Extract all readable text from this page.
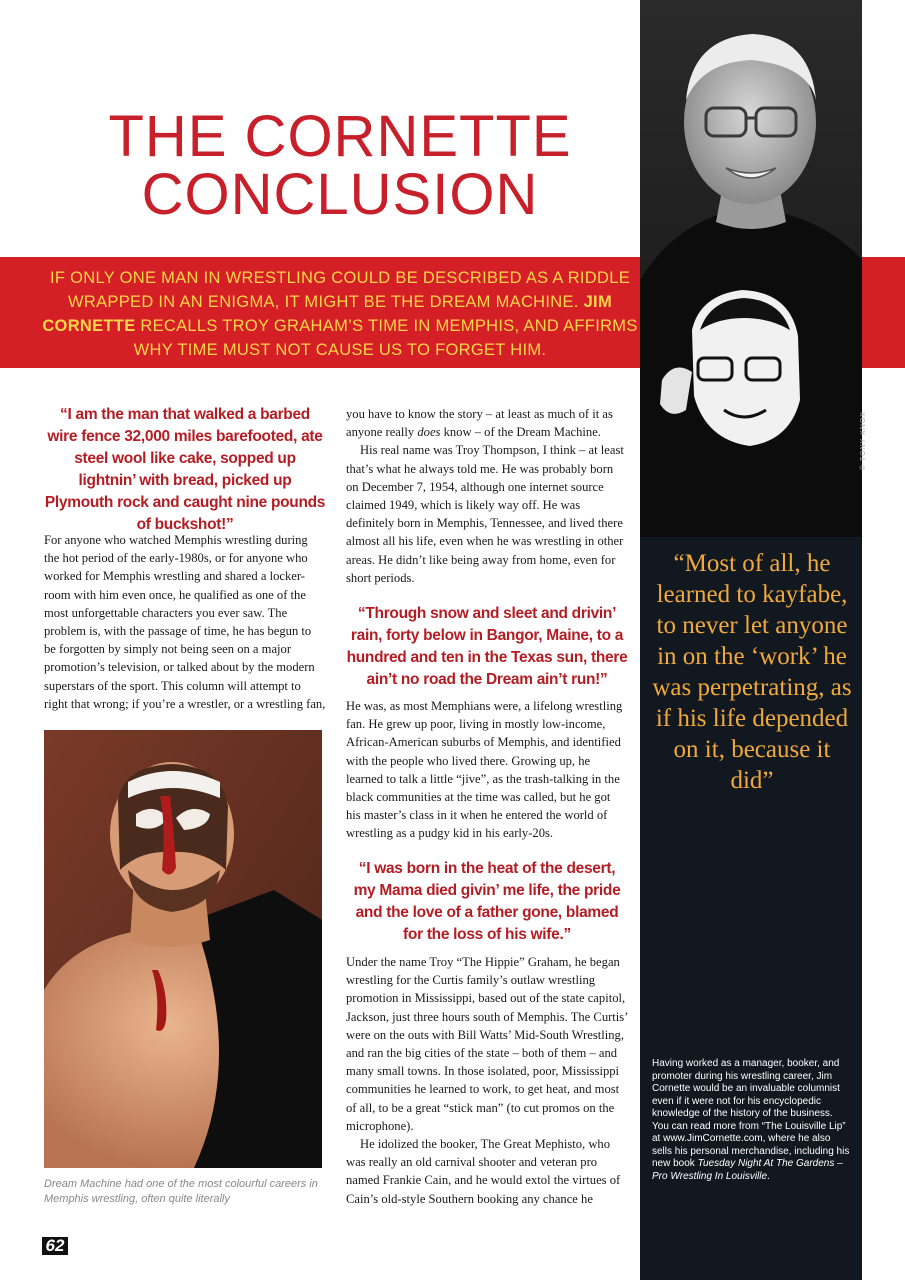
THE CORNETTE
CONCLUSION
IF ONLY ONE MAN IN WRESTLING COULD BE DESCRIBED AS A RIDDLE WRAPPED IN AN ENIGMA, IT MIGHT BE THE DREAM MACHINE. JIM CORNETTE RECALLS TROY GRAHAM’S TIME IN MEMPHIS, AND AFFIRMS WHY TIME MUST NOT CAUSE US TO FORGET HIM.
© TONY KNOX
“Most of all, he learned to kayfabe, to never let anyone in on the ‘work’ he was perpetrating, as if his life depended on it, because it did”
Having worked as a manager, booker, and promoter during his wrestling career, Jim Cornette would be an invaluable columnist even if it were not for his encyclopedic knowledge of the history of the business. You can read more from “The Louisville Lip” at www.JimCornette.com, where he also sells his personal merchandise, including his new book Tuesday Night At The Gardens – Pro Wrestling In Louisville.
“I am the man that walked a barbed wire fence 32,000 miles barefooted, ate steel wool like cake, sopped up lightnin’ with bread, picked up Plymouth rock and caught nine pounds of buckshot!”

For anyone who watched Memphis wrestling during the hot period of the early-1980s, or for anyone who worked for Memphis wrestling and shared a locker-room with him even once, he qualified as one of the most unforgettable characters you ever saw. The problem is, with the passage of time, he has begun to be forgotten by simply not being seen on a major promotion’s television, or talked about by the modern superstars of the sport. This column will attempt to right that wrong; if you’re a wrestler, or a wrestling fan,

Dream Machine had one of the most colourful careers in Memphis wrestling, often quite literally

you have to know the story – at least as much of it as anyone really does know – of the Dream Machine.

His real name was Troy Thompson, I think – at least that’s what he always told me. He was probably born on December 7, 1954, although one internet source claimed 1949, which is likely way off. He was definitely born in Memphis, Tennessee, and lived there almost all his life, even when he was wrestling in other areas. He didn’t like being away from home, even for short periods.

“Through snow and sleet and drivin’ rain, forty below in Bangor, Maine, to a hundred and ten in the Texas sun, there ain’t no road the Dream ain’t run!”

He was, as most Memphians were, a lifelong wrestling fan. He grew up poor, living in mostly low-income, African-American suburbs of Memphis, and identified with the people who lived there. Growing up, he learned to talk a little “jive”, as the trash-talking in the black communities at the time was called, but he got his master’s class in it when he entered the world of wrestling as a pudgy kid in his early-20s.

“I was born in the heat of the desert, my Mama died givin’ me life, the pride and the love of a father gone, blamed for the loss of his wife.”

Under the name Troy “The Hippie” Graham, he began wrestling for the Curtis family’s outlaw wrestling promotion in Mississippi, based out of the state capitol, Jackson, just three hours south of Memphis. The Curtis’ were on the outs with Bill Watts’ Mid-South Wrestling, and ran the big cities of the state – both of them – and many small towns. In those isolated, poor, Mississippi communities he learned to work, to get heat, and most of all, to be a great “stick man” (to cut promos on the microphone).

He idolized the booker, The Great Mephisto, who was really an old carnival shooter and veteran pro named Frankie Cain, and he would extol the virtues of Cain’s old-style Southern booking any chance he

62
